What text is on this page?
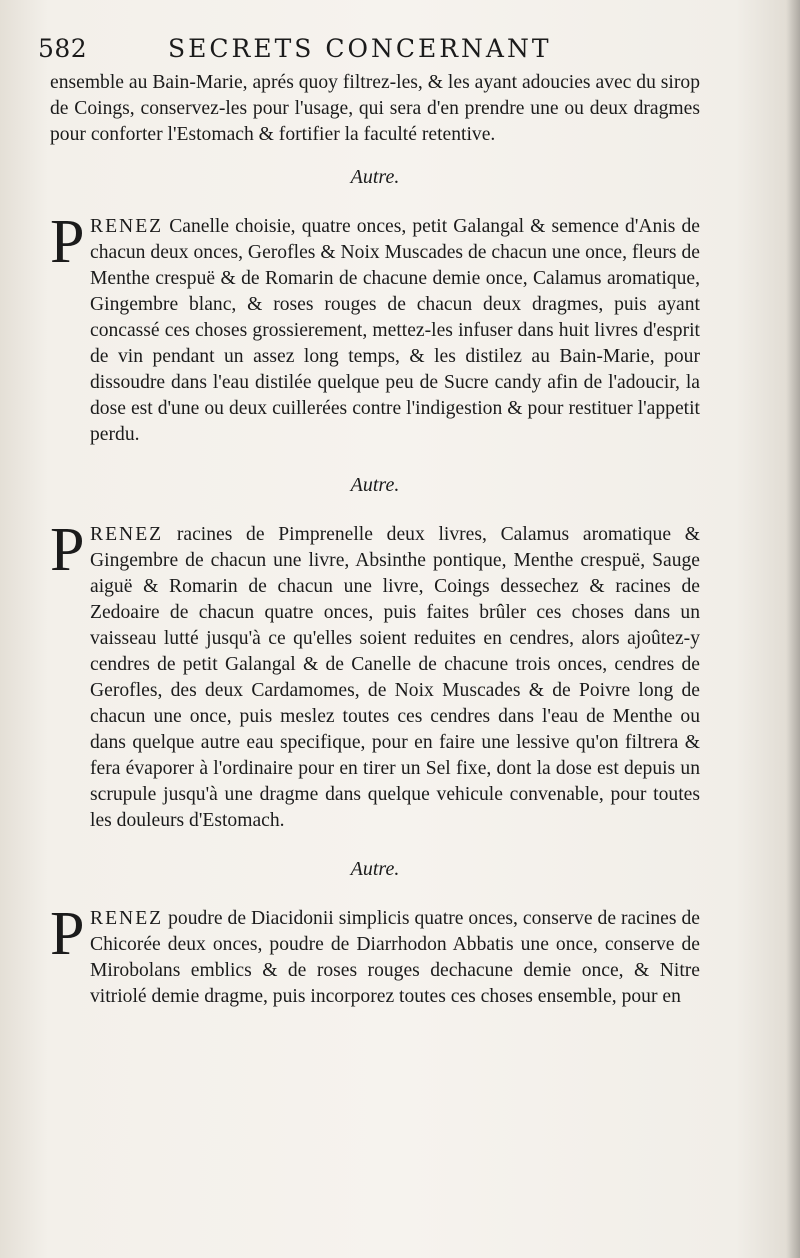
582	SECRETS CONCERNANT

ensemble au Bain-Marie, aprés quoy filtrez-les, & les ayant adoucies avec du sirop de Coings, conservez-les pour l'usage, qui sera d'en prendre une ou deux dragmes pour conforter l'Estomach & fortifier la faculté retentive.

Autre.

P RENEZ Canelle choisie, quatre onces, petit Galangal & semence d'Anis de chacun deux onces, Gerofles & Noix Muscades de chacun une once, fleurs de Menthe crespuë & de Romarin de chacune demie once, Calamus aromatique, Gingembre blanc, & roses rouges de chacun deux dragmes, puis ayant concassé ces choses grossierement, mettez-les infuser dans huit livres d'esprit de vin pendant un assez long temps, & les distilez au Bain-Marie, pour dissoudre dans l'eau distilée quelque peu de Sucre candy afin de l'adoucir, la dose est d'une ou deux cuillerées contre l'indigestion & pour restituer l'appetit perdu.

Autre.

P RENEZ racines de Pimprenelle deux livres, Calamus aromatique & Gingembre de chacun une livre, Absinthe pontique, Menthe crespuë, Sauge aiguë & Romarin de chacun une livre, Coings dessechez & racines de Zedoaire de chacun quatre onces, puis faites brûler ces choses dans un vaisseau lutté jusqu'à ce qu'elles soient reduites en cendres, alors ajoûtez-y cendres de petit Galangal & de Canelle de chacune trois onces, cendres de Gerofles, des deux Cardamomes, de Noix Muscades & de Poivre long de chacun une once, puis meslez toutes ces cendres dans l'eau de Menthe ou dans quelque autre eau specifique, pour en faire une lessive qu'on filtrera & fera évaporer à l'ordinaire pour en tirer un Sel fixe, dont la dose est depuis un scrupule jusqu'à une dragme dans quelque vehicule convenable, pour toutes les douleurs d'Estomach.

Autre.

P RENEZ poudre de Diacidonii simplicis quatre onces, conserve de racines de Chicorée deux onces, poudre de Diarrhodon Abbatis une once, conserve de Mirobolans emblics & de roses rouges dechacune demie once, & Nitre vitriolé demie dragme, puis incorporez toutes ces choses ensemble, pour en
